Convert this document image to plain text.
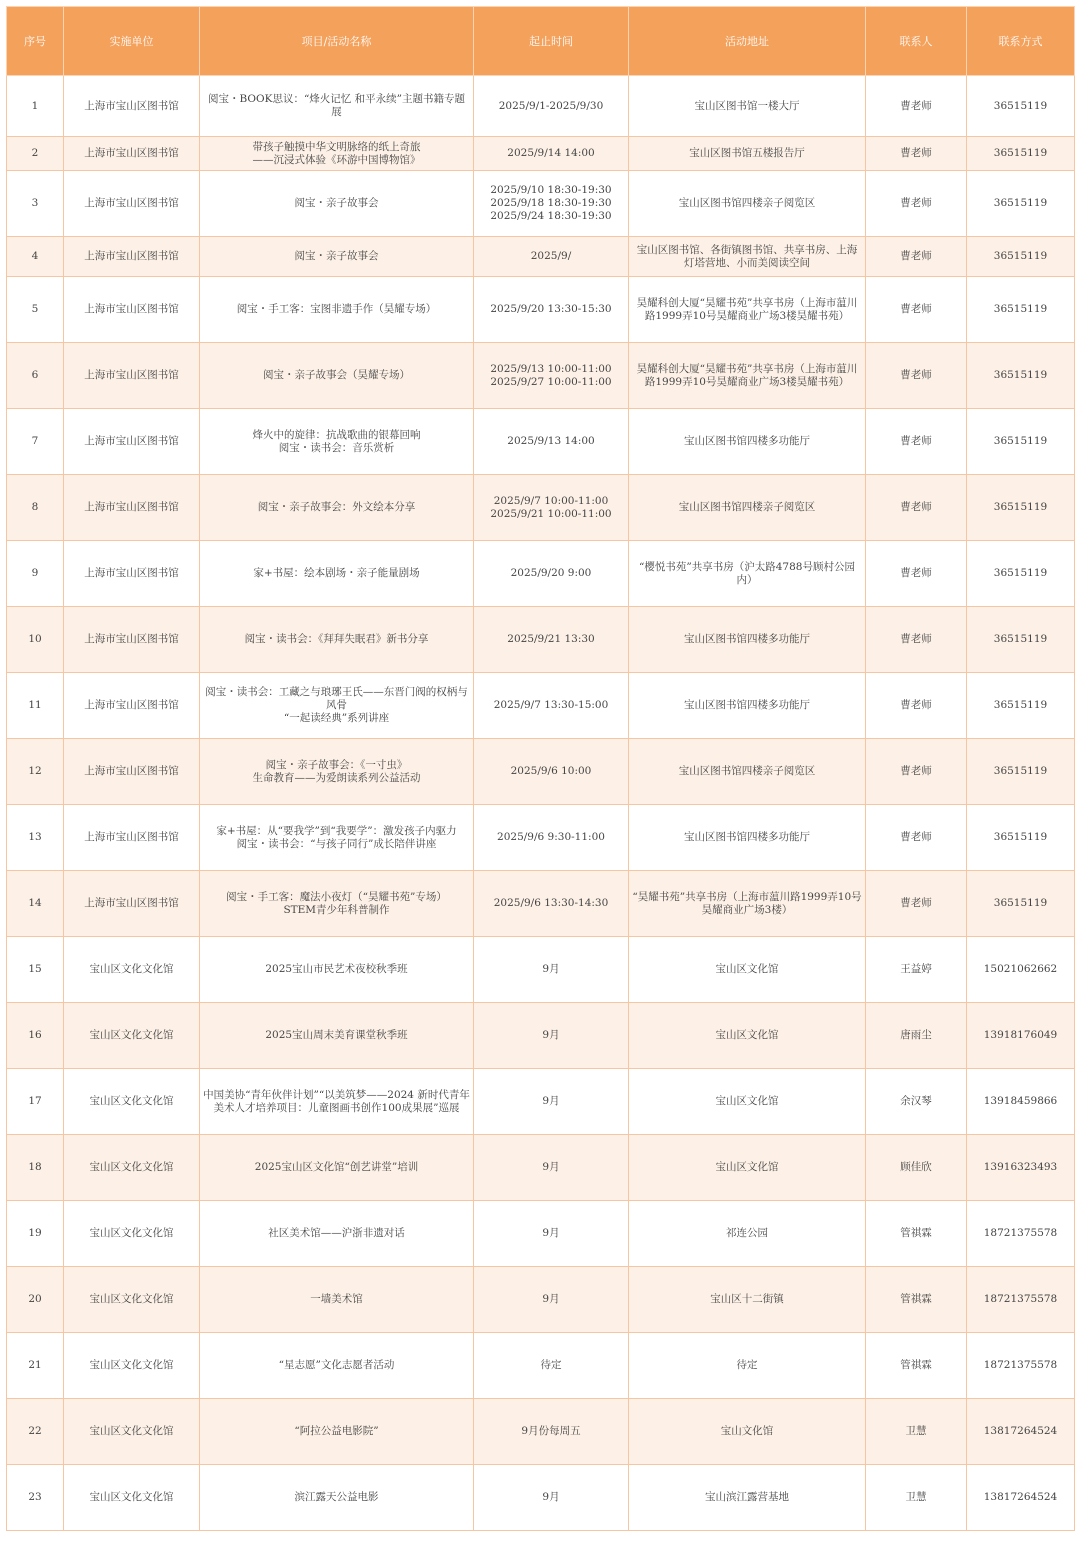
序号	实施单位	项目/活动名称	起止时间	活动地址	联系人	联系方式
1	上海市宝山区图书馆	阅宝・BOOK思议：“烽火记忆 和平永续”主题书籍专题展	2025/9/1-2025/9/30	宝山区图书馆一楼大厅	曹老师	36515119
2	上海市宝山区图书馆	带孩子触摸中华文明脉络的纸上奇旅
——沉浸式体验《环游中国博物馆》	2025/9/14 14:00	宝山区图书馆五楼报告厅	曹老师	36515119
3	上海市宝山区图书馆	阅宝・亲子故事会	2025/9/10 18:30-19:30
2025/9/18 18:30-19:30
2025/9/24 18:30-19:30	宝山区图书馆四楼亲子阅览区	曹老师	36515119
4	上海市宝山区图书馆	阅宝・亲子故事会	2025/9/	宝山区图书馆、各街镇图书馆、共享书房、上海灯塔营地、小而美阅读空间	曹老师	36515119
5	上海市宝山区图书馆	阅宝・手工客：宝图非遗手作（昊耀专场）	2025/9/20 13:30-15:30	昊耀科创大厦“昊耀书苑”共享书房（上海市蕰川路1999弄10号昊耀商业广场3楼昊耀书苑）	曹老师	36515119
6	上海市宝山区图书馆	阅宝・亲子故事会（昊耀专场）	2025/9/13 10:00-11:00
2025/9/27 10:00-11:00	昊耀科创大厦“昊耀书苑”共享书房（上海市蕰川路1999弄10号昊耀商业广场3楼昊耀书苑）	曹老师	36515119
7	上海市宝山区图书馆	烽火中的旋律：抗战歌曲的银幕回响
阅宝・读书会：音乐赏析	2025/9/13 14:00	宝山区图书馆四楼多功能厅	曹老师	36515119
8	上海市宝山区图书馆	阅宝・亲子故事会：外文绘本分享	2025/9/7 10:00-11:00
2025/9/21 10:00-11:00	宝山区图书馆四楼亲子阅览区	曹老师	36515119
9	上海市宝山区图书馆	家+书屋：绘本剧场・亲子能量剧场	2025/9/20 9:00	“樱悦书苑”共享书房（沪太路4788号顾村公园内）	曹老师	36515119
10	上海市宝山区图书馆	阅宝・读书会：《拜拜失眠君》新书分享	2025/9/21 13:30	宝山区图书馆四楼多功能厅	曹老师	36515119
11	上海市宝山区图书馆	阅宝・读书会：工藏之与琅琊王氏——东晋门阀的权柄与风骨
“一起读经典”系列讲座	2025/9/7 13:30-15:00	宝山区图书馆四楼多功能厅	曹老师	36515119
12	上海市宝山区图书馆	阅宝・亲子故事会：《一寸虫》
生命教育——为爱朗读系列公益活动	2025/9/6 10:00	宝山区图书馆四楼亲子阅览区	曹老师	36515119
13	上海市宝山区图书馆	家+书屋：从“要我学”到“我要学”：激发孩子内驱力
阅宝・读书会：“与孩子同行”成长陪伴讲座	2025/9/6 9:30-11:00	宝山区图书馆四楼多功能厅	曹老师	36515119
14	上海市宝山区图书馆	阅宝・手工客：魔法小夜灯（“昊耀书苑”专场）
STEM青少年科普制作	2025/9/6 13:30-14:30	“昊耀书苑”共享书房（上海市蕰川路1999弄10号昊耀商业广场3楼）	曹老师	36515119
15	宝山区文化文化馆	2025宝山市民艺术夜校秋季班	9月	宝山区文化馆	王益婷	15021062662
16	宝山区文化文化馆	2025宝山周末美育课堂秋季班	9月	宝山区文化馆	唐雨尘	13918176049
17	宝山区文化文化馆	中国美协“青年伙伴计划”“以美筑梦——2024 新时代青年美术人才培养项目：儿童图画书创作100成果展”巡展	9月	宝山区文化馆	余汉琴	13918459866
18	宝山区文化文化馆	2025宝山区文化馆“创艺讲堂”培训	9月	宝山区文化馆	顾佳欣	13916323493
19	宝山区文化文化馆	社区美术馆——沪浙非遗对话	9月	祁连公园	管祺霖	18721375578
20	宝山区文化文化馆	一墙美术馆	9月	宝山区十二街镇	管祺霖	18721375578
21	宝山区文化文化馆	“星志愿”文化志愿者活动	待定	待定	管祺霖	18721375578
22	宝山区文化文化馆	“阿拉公益电影院”	9月份每周五	宝山文化馆	卫慧	13817264524
23	宝山区文化文化馆	滨江露天公益电影	9月	宝山滨江露营基地	卫慧	13817264524
